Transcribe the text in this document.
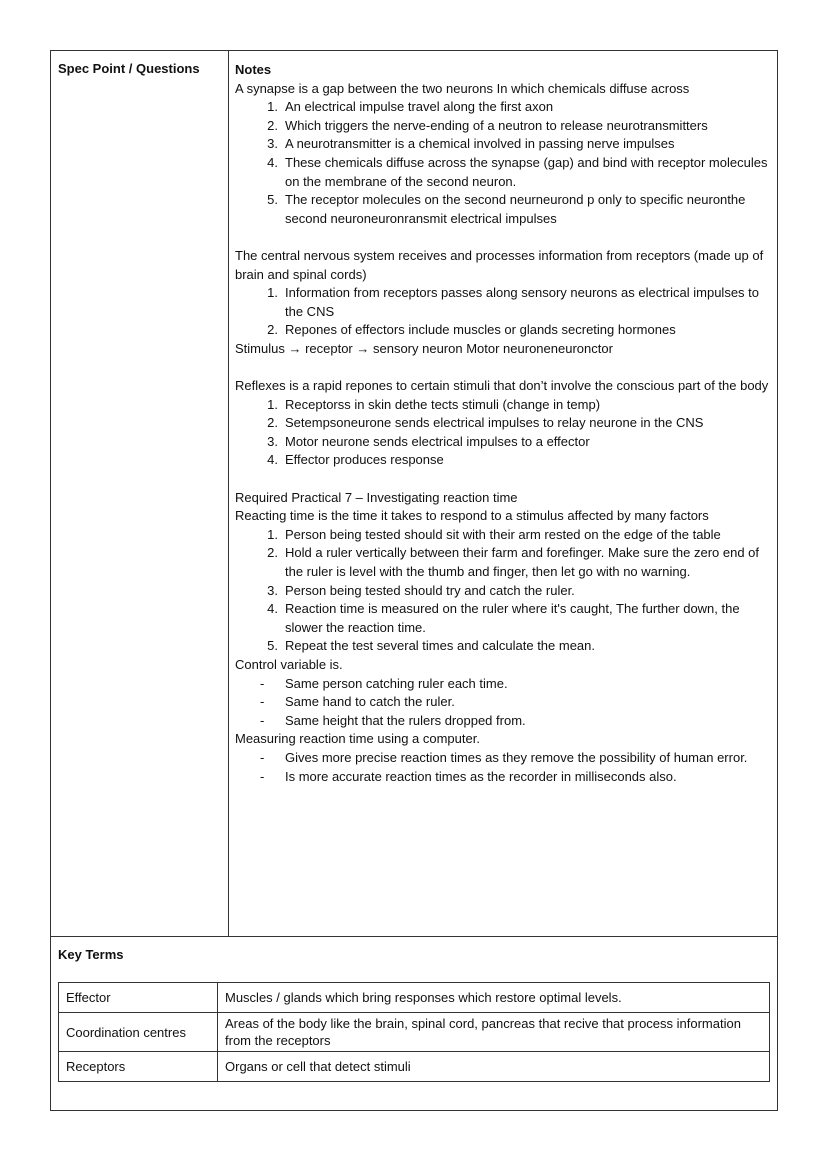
Spec Point / Questions	Notes

A synapse is a gap between the two neurons In which chemicals diffuse across

1. An electrical impulse travel along the first axon
2. Which triggers the nerve-ending of a neutron to release neurotransmitters
3. A neurotransmitter is a chemical involved in passing nerve impulses
4. These chemicals diffuse across the synapse (gap) and bind with receptor molecules on the membrane of the second neuron.
5. The receptor molecules on the second neurneurond p only to specific neuronthe second neuroneuronransmit electrical impulses

The central nervous system receives and processes information from receptors (made up of brain and spinal cords)

1. Information from receptors passes along sensory neurons as electrical impulses to the CNS
2. Repones of effectors include muscles or glands secreting hormones

Stimulus → receptor → sensory neuron Motor neuroneneuronctor

Reflexes is a rapid repones to certain stimuli that don’t involve the conscious part of the body

1. Receptorss in skin dethe tects stimuli (change in temp)
2. Setempsoneurone sends electrical impulses to relay neurone in the CNS
3. Motor neurone sends electrical impulses to a effector
4. Effector produces response

Required Practical 7 – Investigating reaction time

Reacting time is the time it takes to respond to a stimulus affected by many factors

1. Person being tested should sit with their arm rested on the edge of the table
2. Hold a ruler vertically between their farm and forefinger. Make sure the zero end of the ruler is level with the thumb and finger, then let go with no warning.
3. Person being tested should try and catch the ruler.
4. Reaction time is measured on the ruler where it's caught, The further down, the slower the reaction time.
5. Repeat the test several times and calculate the mean.

Control variable is.

- Same person catching ruler each time.
- Same hand to catch the ruler.
- Same height that the rulers dropped from.

Measuring reaction time using a computer.

- Gives more precise reaction times as they remove the possibility of human error.
- Is more accurate reaction times as the recorder in milliseconds also.
Key Terms
Effector	Muscles / glands which bring responses which restore optimal levels.
Coordination centres	Areas of the body like the brain, spinal cord, pancreas that recive that process information from the receptors
Receptors	Organs or cell that detect stimuli
